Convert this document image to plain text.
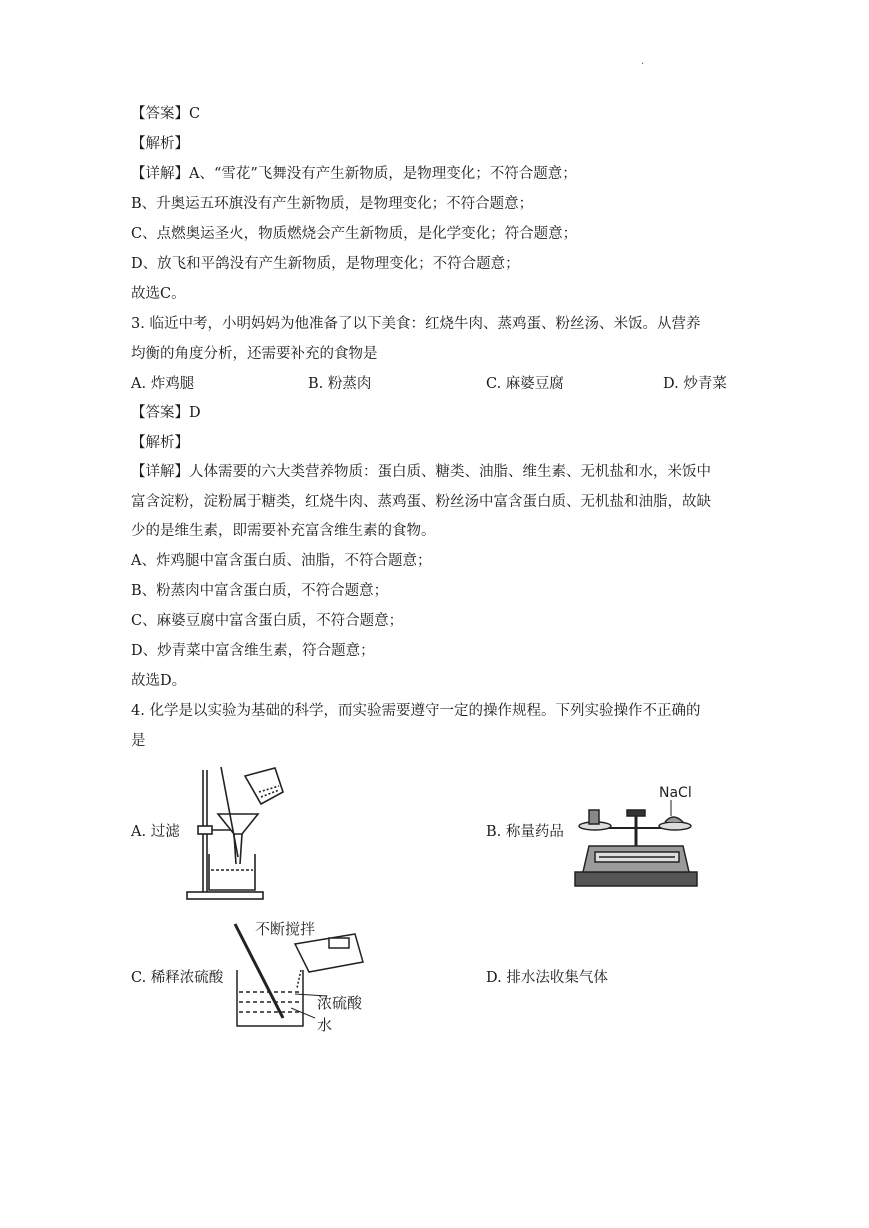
.
【答案】C
【解析】
【详解】A、“雪花”飞舞没有产生新物质，是物理变化；不符合题意；
B、升奥运五环旗没有产生新物质，是物理变化；不符合题意；
C、点燃奥运圣火，物质燃烧会产生新物质，是化学变化；符合题意；
D、放飞和平鸽没有产生新物质，是物理变化；不符合题意；
故选C。
3. 临近中考，小明妈妈为他准备了以下美食：红烧牛肉、蒸鸡蛋、粉丝汤、米饭。从营养
均衡的角度分析，还需要补充的食物是
A. 炸鸡腿	B. 粉蒸肉	C. 麻婆豆腐	D. 炒青菜
【答案】D
【解析】
【详解】人体需要的六大类营养物质：蛋白质、糖类、油脂、维生素、无机盐和水，米饭中
富含淀粉，淀粉属于糖类，红烧牛肉、蒸鸡蛋、粉丝汤中富含蛋白质、无机盐和油脂，故缺
少的是维生素，即需要补充富含维生素的食物。
A、炸鸡腿中富含蛋白质、油脂，不符合题意；
B、粉蒸肉中富含蛋白质，不符合题意；
C、麻婆豆腐中富含蛋白质，不符合题意；
D、炒青菜中富含维生素，符合题意；
故选D。
4. 化学是以实验为基础的科学，而实验需要遵守一定的操作规程。下列实验操作不正确的
是
A. 过滤	B. 称量药品
C. 稀释浓硫酸	D. 排水法收集气体
NaCl
不断搅拌
浓硫酸
水
